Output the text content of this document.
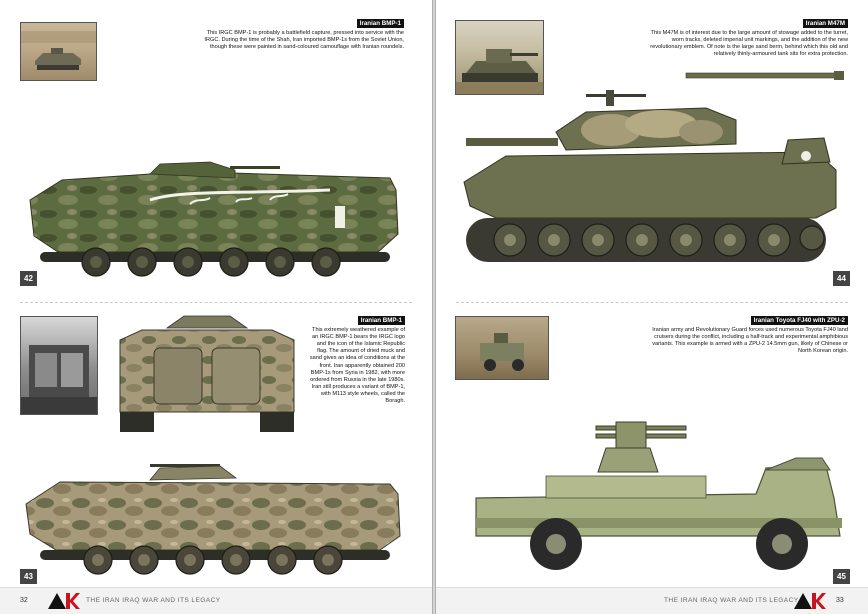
Iranian BMP-1
This IRGC BMP-1 is probably a battlefield capture, pressed into service with the IRGC. During the time of the Shah, Iran imported BMP-1s from the Soviet Union, though these were painted in sand-coloured camouflage with Iranian roundels.
42
Iranian BMP-1
This extremely weathered example of an IRGC BMP-1 bears the IRGC logo and the icon of the Islamic Republic flag. The amount of dried muck and sand gives an idea of conditions at the front. Iran apparently obtained 200 BMP-1s from Syria in 1982, with more ordered from Russia in the late 1980s. Iran still produces a variant of BMP-1, with M113 style wheels, called the Boragh.
43
32	THE IRAN IRAQ WAR AND ITS LEGACY
Iranian M47M
This M47M is of interest due to the large amount of stowage added to the turret, worn tracks, deleted imperial unit markings, and the addition of the new revolutionary emblem. Of note is the large sand berm, behind which this old and relatively thinly-armoured tank sits for extra protection.
44
Iranian Toyota FJ40 with ZPU-2
Iranian army and Revolutionary Guard forces used numerous Toyota FJ40 land cruisers during the conflict, including a half-track and experimental amphibious variants. This example is armed with a ZPU-2 14.5mm gun, likely of Chinese or North Korean origin.
45
THE IRAN IRAQ WAR AND ITS LEGACY	33
